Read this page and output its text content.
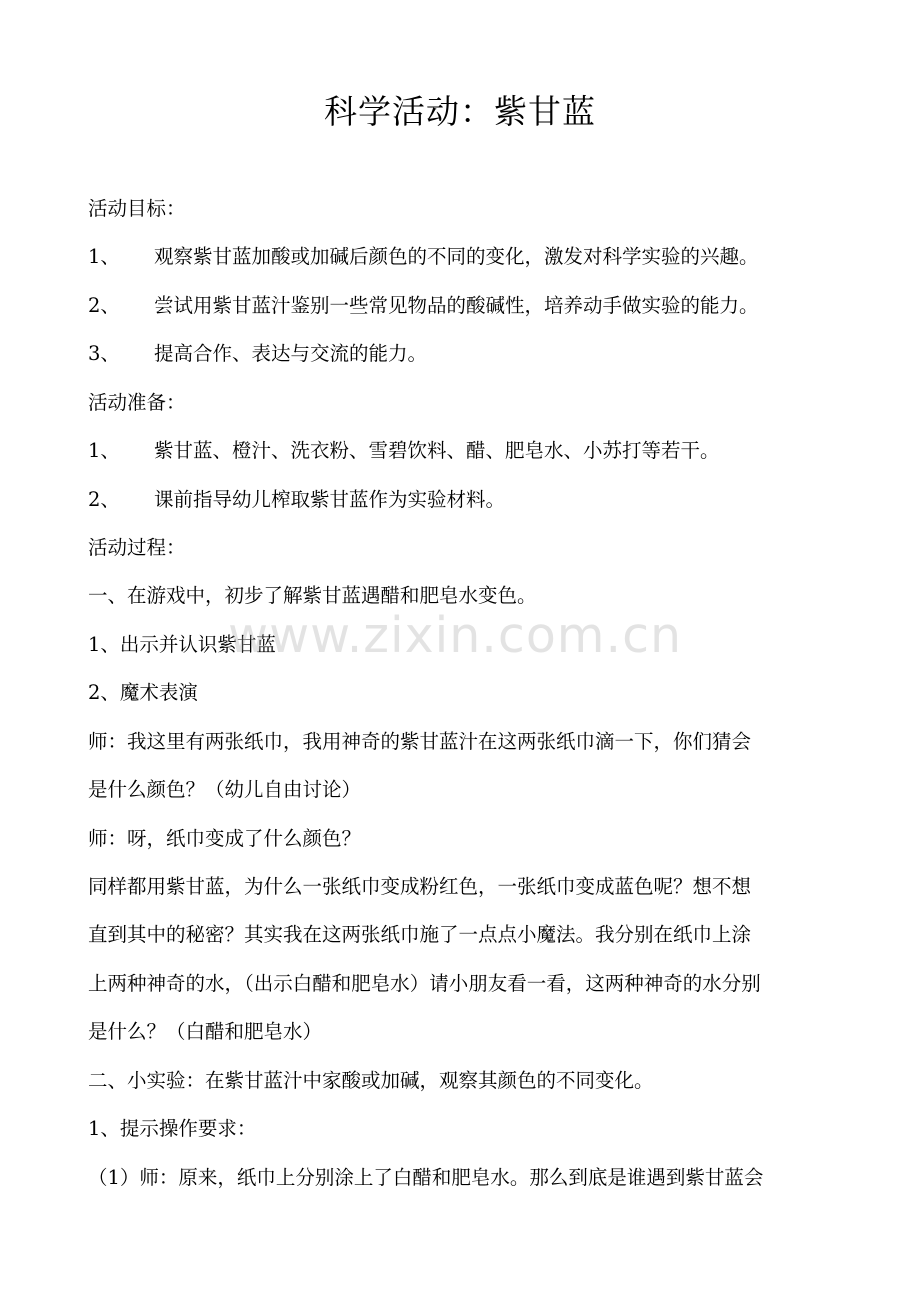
科学活动：紫甘蓝
活动目标：
1、 观察紫甘蓝加酸或加碱后颜色的不同的变化，激发对科学实验的兴趣。
2、 尝试用紫甘蓝汁鉴别一些常见物品的酸碱性，培养动手做实验的能力。
3、 提高合作、表达与交流的能力。
活动准备：
1、 紫甘蓝、橙汁、洗衣粉、雪碧饮料、醋、肥皂水、小苏打等若干。
2、 课前指导幼儿榨取紫甘蓝作为实验材料。
活动过程：
一、在游戏中，初步了解紫甘蓝遇醋和肥皂水变色。
1、出示并认识紫甘蓝
2、魔术表演
师：我这里有两张纸巾，我用神奇的紫甘蓝汁在这两张纸巾滴一下，你们猜会
是什么颜色？（幼儿自由讨论）
师：呀，纸巾变成了什么颜色？
同样都用紫甘蓝，为什么一张纸巾变成粉红色，一张纸巾变成蓝色呢？想不想
直到其中的秘密？其实我在这两张纸巾施了一点点小魔法。我分别在纸巾上涂
上两种神奇的水，（出示白醋和肥皂水）请小朋友看一看，这两种神奇的水分别
是什么？（白醋和肥皂水）
二、小实验：在紫甘蓝汁中家酸或加碱，观察其颜色的不同变化。
1、提示操作要求：
（1）师：原来，纸巾上分别涂上了白醋和肥皂水。那么到底是谁遇到紫甘蓝会
www.zixin.com.cn
